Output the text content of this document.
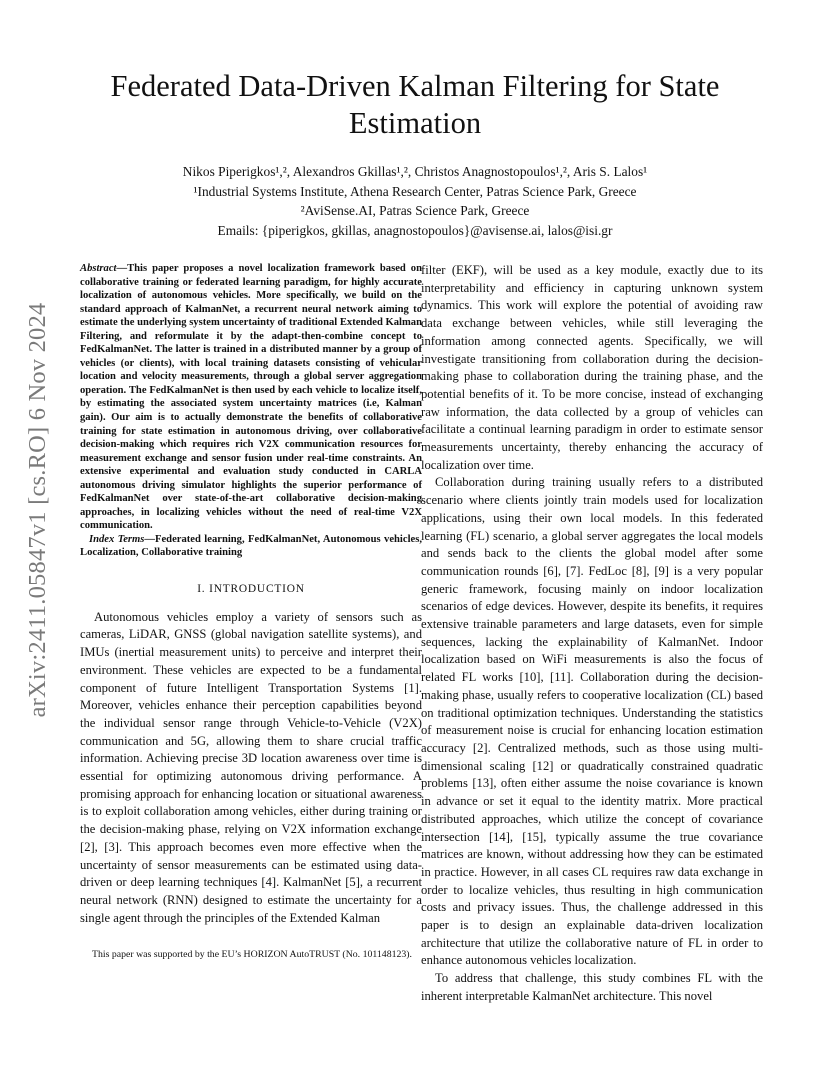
arXiv:2411.05847v1 [cs.RO] 6 Nov 2024
Federated Data-Driven Kalman Filtering for State Estimation
Nikos Piperigkos¹,², Alexandros Gkillas¹,², Christos Anagnostopoulos¹,², Aris S. Lalos¹
¹Industrial Systems Institute, Athena Research Center, Patras Science Park, Greece
²AviSense.AI, Patras Science Park, Greece
Emails: {piperigkos, gkillas, anagnostopoulos}@avisense.ai, lalos@isi.gr

Abstract—This paper proposes a novel localization framework based on collaborative training or federated learning paradigm, for highly accurate localization of autonomous vehicles. More specifically, we build on the standard approach of KalmanNet, a recurrent neural network aiming to estimate the underlying system uncertainty of traditional Extended Kalman Filtering, and reformulate it by the adapt-then-combine concept to FedKalmanNet. The latter is trained in a distributed manner by a group of vehicles (or clients), with local training datasets consisting of vehicular location and velocity measurements, through a global server aggregation operation. The FedKalmanNet is then used by each vehicle to localize itself, by estimating the associated system uncertainty matrices (i.e, Kalman gain). Our aim is to actually demonstrate the benefits of collaborative training for state estimation in autonomous driving, over collaborative decision-making which requires rich V2X communication resources for measurement exchange and sensor fusion under real-time constraints. An extensive experimental and evaluation study conducted in CARLA autonomous driving simulator highlights the superior performance of FedKalmanNet over state-of-the-art collaborative decision-making approaches, in localizing vehicles without the need of real-time V2X communication.

Index Terms—Federated learning, FedKalmanNet, Autonomous vehicles, Localization, Collaborative training

I. INTRODUCTION

Autonomous vehicles employ a variety of sensors such as cameras, LiDAR, GNSS (global navigation satellite systems), and IMUs (inertial measurement units) to perceive and interpret their environment. These vehicles are expected to be a fundamental component of future Intelligent Transportation Systems [1]. Moreover, vehicles enhance their perception capabilities beyond the individual sensor range through Vehicle-to-Vehicle (V2X) communication and 5G, allowing them to share crucial traffic information. Achieving precise 3D location awareness over time is essential for optimizing autonomous driving performance. A promising approach for enhancing location or situational awareness is to exploit collaboration among vehicles, either during training or the decision-making phase, relying on V2X information exchange [2], [3]. This approach becomes even more effective when the uncertainty of sensor measurements can be estimated using data-driven or deep learning techniques [4]. KalmanNet [5], a recurrent neural network (RNN) designed to estimate the uncertainty for a single agent through the principles of the Extended Kalman

filter (EKF), will be used as a key module, exactly due to its interpretability and efficiency in capturing unknown system dynamics. This work will explore the potential of avoiding raw data exchange between vehicles, while still leveraging the information among connected agents. Specifically, we will investigate transitioning from collaboration during the decision-making phase to collaboration during the training phase, and the potential benefits of it. To be more concise, instead of exchanging raw information, the data collected by a group of vehicles can facilitate a continual learning paradigm in order to estimate sensor measurements uncertainty, thereby enhancing the accuracy of localization over time.

Collaboration during training usually refers to a distributed scenario where clients jointly train models used for localization applications, using their own local models. In this federated learning (FL) scenario, a global server aggregates the local models and sends back to the clients the global model after some communication rounds [6], [7]. FedLoc [8], [9] is a very popular generic framework, focusing mainly on indoor localization scenarios of edge devices. However, despite its benefits, it requires extensive trainable parameters and large datasets, even for simple sequences, lacking the explainability of KalmanNet. Indoor localization based on WiFi measurements is also the focus of related FL works [10], [11]. Collaboration during the decision-making phase, usually refers to cooperative localization (CL) based on traditional optimization techniques. Understanding the statistics of measurement noise is crucial for enhancing location estimation accuracy [2]. Centralized methods, such as those using multi-dimensional scaling [12] or quadratically constrained quadratic problems [13], often either assume the noise covariance is known in advance or set it equal to the identity matrix. More practical distributed approaches, which utilize the concept of covariance intersection [14], [15], typically assume the true covariance matrices are known, without addressing how they can be estimated in practice. However, in all cases CL requires raw data exchange in order to localize vehicles, thus resulting in high communication costs and privacy issues. Thus, the challenge addressed in this paper is to design an explainable data-driven localization architecture that utilize the collaborative nature of FL in order to enhance autonomous vehicles localization.

To address that challenge, this study combines FL with the inherent interpretable KalmanNet architecture. This novel

This paper was supported by the EU’s HORIZON AutoTRUST (No. 101148123).
